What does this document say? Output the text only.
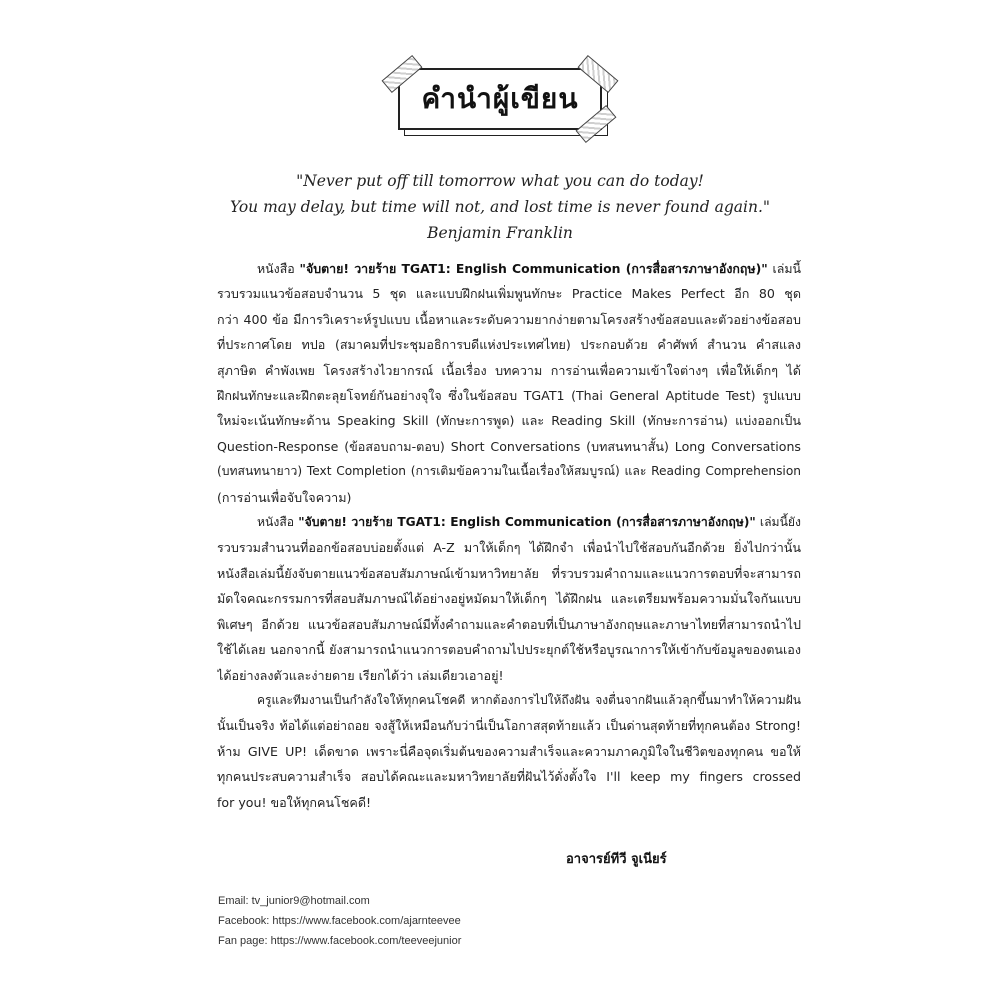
คำนำผู้เขียน
"Never put off till tomorrow what you can do today!
You may delay, but time will not, and lost time is never found again."
Benjamin Franklin
หนังสือ "จับตาย! วายร้าย TGAT1: English Communication (การสื่อสารภาษาอังกฤษ)" เล่มนี้
รวบรวมแนวข้อสอบจำนวน 5 ชุด และแบบฝึกฝนเพิ่มพูนทักษะ Practice Makes Perfect อีก 80 ชุด
กว่า 400 ข้อ มีการวิเคราะห์รูปแบบ เนื้อหาและระดับความยากง่ายตามโครงสร้างข้อสอบและตัวอย่างข้อสอบ
ที่ประกาศโดย ทปอ (สมาคมที่ประชุมอธิการบดีแห่งประเทศไทย) ประกอบด้วย คำศัพท์ สำนวน คำสแลง
สุภาษิต คำพังเพย โครงสร้างไวยากรณ์ เนื้อเรื่อง บทความ การอ่านเพื่อความเข้าใจต่างๆ เพื่อให้เด็กๆ ได้
ฝึกฝนทักษะและฝึกตะลุยโจทย์กันอย่างจุใจ ซึ่งในข้อสอบ TGAT1 (Thai General Aptitude Test) รูปแบบ
ใหม่จะเน้นทักษะด้าน Speaking Skill (ทักษะการพูด) และ Reading Skill (ทักษะการอ่าน) แบ่งออกเป็น
Question-Response (ข้อสอบถาม-ตอบ) Short Conversations (บทสนทนาสั้น) Long Conversations
(บทสนทนายาว) Text Completion (การเติมข้อความในเนื้อเรื่องให้สมบูรณ์) และ Reading Comprehension
(การอ่านเพื่อจับใจความ)
หนังสือ "จับตาย! วายร้าย TGAT1: English Communication (การสื่อสารภาษาอังกฤษ)" เล่มนี้ยัง
รวบรวมสำนวนที่ออกข้อสอบบ่อยตั้งแต่ A-Z มาให้เด็กๆ ได้ฝึกจำ เพื่อนำไปใช้สอบกันอีกด้วย ยิ่งไปกว่านั้น
หนังสือเล่มนี้ยังจับตายแนวข้อสอบสัมภาษณ์เข้ามหาวิทยาลัย ที่รวบรวมคำถามและแนวการตอบที่จะสามารถ
มัดใจคณะกรรมการที่สอบสัมภาษณ์ได้อย่างอยู่หมัดมาให้เด็กๆ ได้ฝึกฝน และเตรียมพร้อมความมั่นใจกันแบบ
พิเศษๆ อีกด้วย แนวข้อสอบสัมภาษณ์มีทั้งคำถามและคำตอบที่เป็นภาษาอังกฤษและภาษาไทยที่สามารถนำไป
ใช้ได้เลย นอกจากนี้ ยังสามารถนำแนวการตอบคำถามไปประยุกต์ใช้หรือบูรณาการให้เข้ากับข้อมูลของตนเอง
ได้อย่างลงตัวและง่ายดาย เรียกได้ว่า เล่มเดียวเอาอยู่!
ครูและทีมงานเป็นกำลังใจให้ทุกคนโชคดี หากต้องการไปให้ถึงฝัน จงตื่นจากฝันแล้วลุกขึ้นมาทำให้ความฝัน
นั้นเป็นจริง ท้อได้แต่อย่าถอย จงสู้ให้เหมือนกับว่านี่เป็นโอกาสสุดท้ายแล้ว เป็นด่านสุดท้ายที่ทุกคนต้อง Strong!
ห้าม GIVE UP! เด็ดขาด เพราะนี่คือจุดเริ่มต้นของความสำเร็จและความภาคภูมิใจในชีวิตของทุกคน ขอให้
ทุกคนประสบความสำเร็จ สอบได้คณะและมหาวิทยาลัยที่ฝันไว้ดั่งตั้งใจ I'll keep my fingers crossed
for you! ขอให้ทุกคนโชคดี!
อาจารย์ทีวี จูเนียร์
Email: tv_junior9@hotmail.com
Facebook: https://www.facebook.com/ajarnteevee
Fan page: https://www.facebook.com/teeveejunior
